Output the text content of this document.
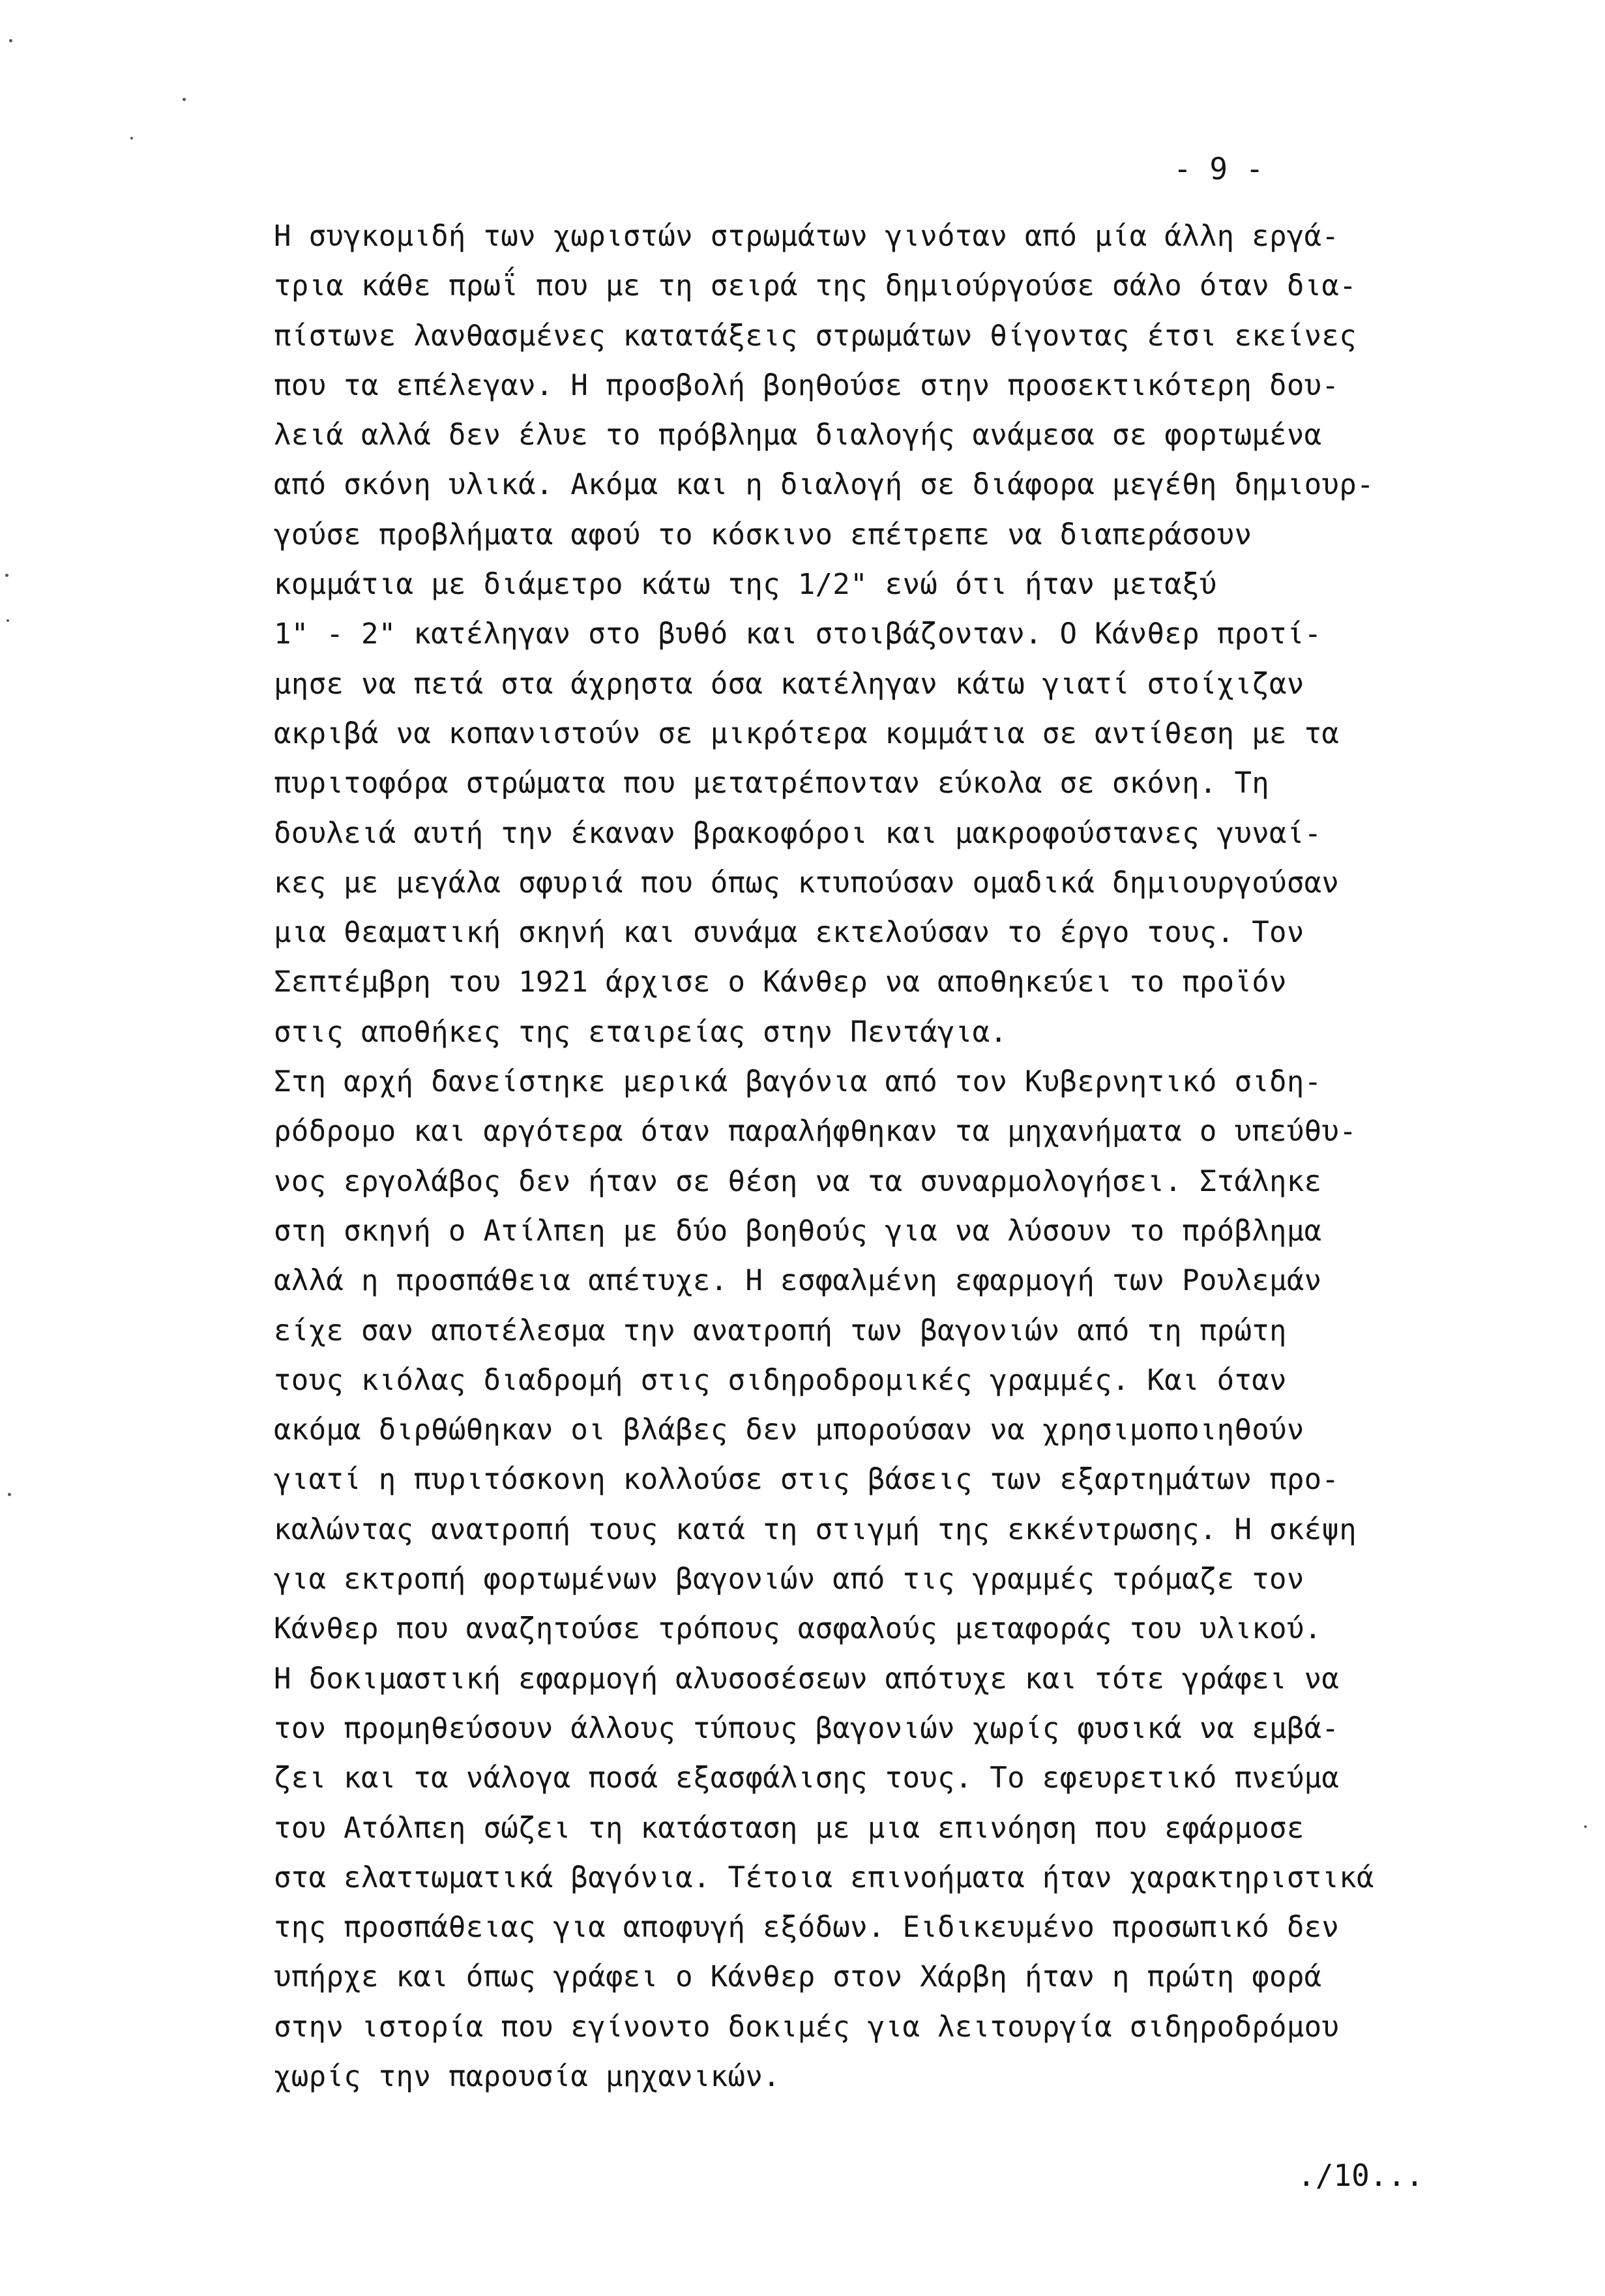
- 9 -
Η συγκομιδή των χωριστών στρωμάτων γινόταν από μία άλλη εργά-
τρια κάθε πρωΐ που με τη σειρά της δημιούργούσε σάλο όταν δια-
πίστωνε λανθασμένες κατατάξεις στρωμάτων θίγοντας έτσι εκείνες
που τα επέλεγαν. Η προσβολή βοηθούσε στην προσεκτικότερη δου-
λειά αλλά δεν έλυε το πρόβλημα διαλογής ανάμεσα σε φορτωμένα
από σκόνη υλικά. Ακόμα και η διαλογή σε διάφορα μεγέθη δημιουρ-
γούσε προβλήματα αφού το κόσκινο επέτρεπε να διαπεράσουν
κομμάτια με διάμετρο κάτω της 1/2" ενώ ότι ήταν μεταξύ
1" - 2" κατέληγαν στο βυθό και στοιβάζονταν. Ο Κάνθερ προτί-
μησε να πετά στα άχρηστα όσα κατέληγαν κάτω γιατί στοίχιζαν
ακριβά να κοπανιστούν σε μικρότερα κομμάτια σε αντίθεση με τα
πυριτοφόρα στρώματα που μετατρέπονταν εύκολα σε σκόνη. Τη
δουλειά αυτή την έκαναν βρακοφόροι και μακροφούστανες γυναί-
κες με μεγάλα σφυριά που όπως κτυπούσαν ομαδικά δημιουργούσαν
μια θεαματική σκηνή και συνάμα εκτελούσαν το έργο τους. Τον
Σεπτέμβρη του 1921 άρχισε ο Κάνθερ να αποθηκεύει το προϊόν
στις αποθήκες της εταιρείας στην Πεντάγια.
Στη αρχή δανείστηκε μερικά βαγόνια από τον Κυβερνητικό σιδη-
ρόδρομο και αργότερα όταν παραλήφθηκαν τα μηχανήματα ο υπεύθυ-
νος εργολάβος δεν ήταν σε θέση να τα συναρμολογήσει. Στάληκε
στη σκηνή ο Ατίλπεη με δύο βοηθούς για να λύσουν το πρόβλημα
αλλά η προσπάθεια απέτυχε. Η εσφαλμένη εφαρμογή των Ρουλεμάν
είχε σαν αποτέλεσμα την ανατροπή των βαγονιών από τη πρώτη
τους κιόλας διαδρομή στις σιδηροδρομικές γραμμές. Και όταν
ακόμα διρθώθηκαν οι βλάβες δεν μπορούσαν να χρησιμοποιηθούν
γιατί η πυριτόσκονη κολλούσε στις βάσεις των εξαρτημάτων προ-
καλώντας ανατροπή τους κατά τη στιγμή της εκκέντρωσης. Η σκέψη
για εκτροπή φορτωμένων βαγονιών από τις γραμμές τρόμαζε τον
Κάνθερ που αναζητούσε τρόπους ασφαλούς μεταφοράς του υλικού.
Η δοκιμαστική εφαρμογή αλυσοσέσεων απότυχε και τότε γράφει να
τον προμηθεύσουν άλλους τύπους βαγονιών χωρίς φυσικά να εμβά-
ζει και τα νάλογα ποσά εξασφάλισης τους. Το εφευρετικό πνεύμα
του Ατόλπεη σώζει τη κατάσταση με μια επινόηση που εφάρμοσε
στα ελαττωματικά βαγόνια. Τέτοια επινοήματα ήταν χαρακτηριστικά
της προσπάθειας για αποφυγή εξόδων. Ειδικευμένο προσωπικό δεν
υπήρχε και όπως γράφει ο Κάνθερ στον Χάρβη ήταν η πρώτη φορά
στην ιστορία που εγίνοντο δοκιμές για λειτουργία σιδηροδρόμου
χωρίς την παρουσία μηχανικών.
./10...
